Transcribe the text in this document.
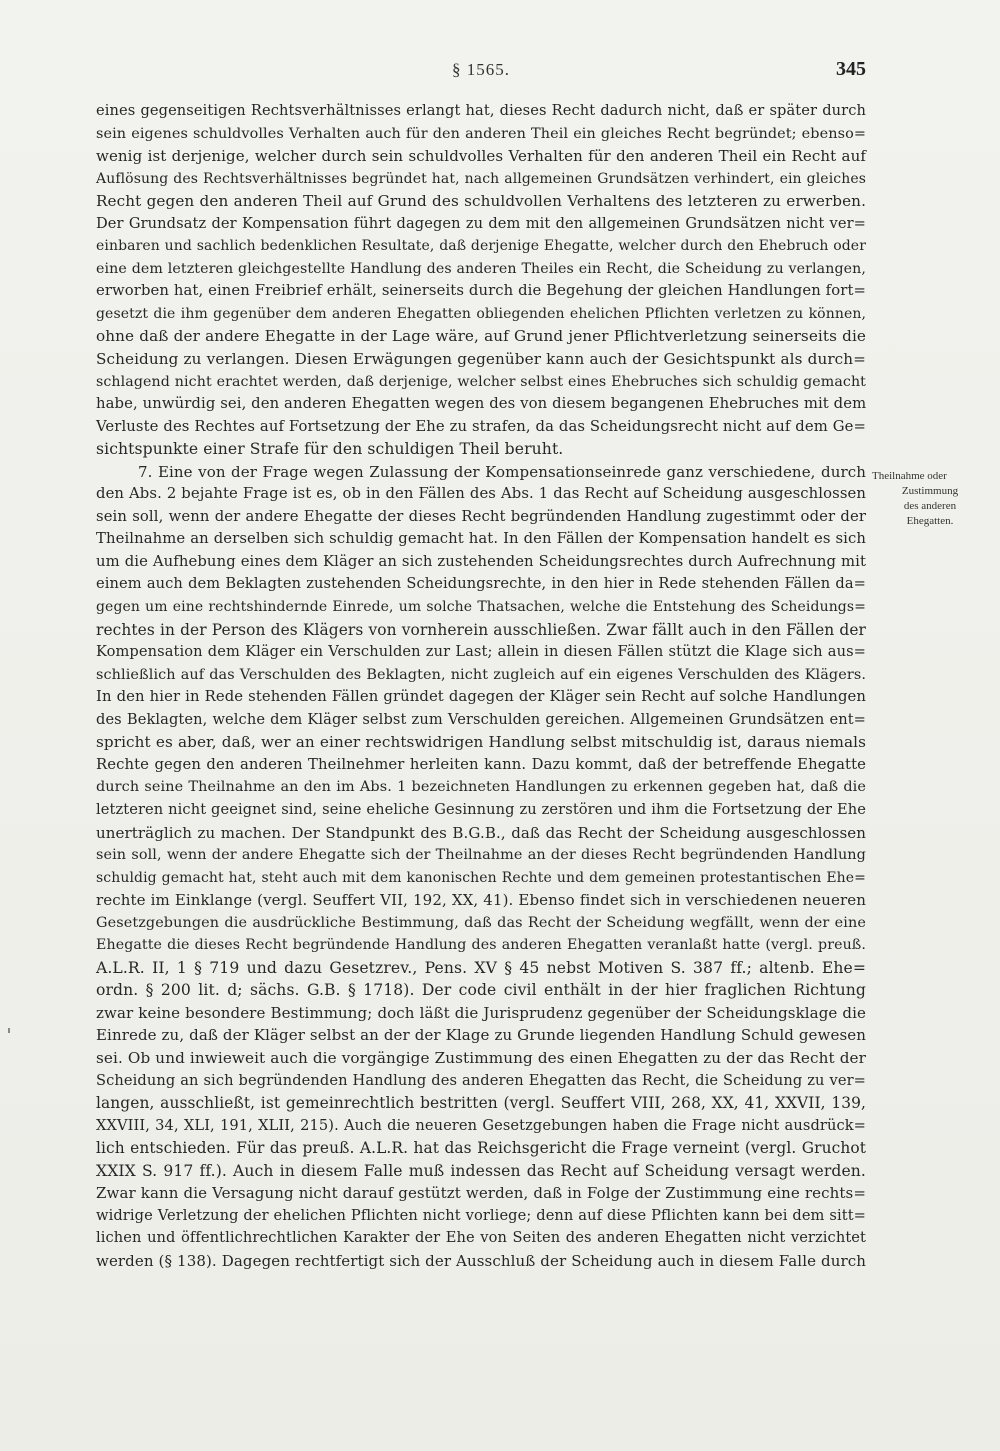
§ 1565.	345
eines gegenseitigen Rechtsverhältnisses erlangt hat, dieses Recht dadurch nicht, daß er später durch
sein eigenes schuldvolles Verhalten auch für den anderen Theil ein gleiches Recht begründet; ebenso=
wenig ist derjenige, welcher durch sein schuldvolles Verhalten für den anderen Theil ein Recht auf
Auflösung des Rechtsverhältnisses begründet hat, nach allgemeinen Grundsätzen verhindert, ein gleiches
Recht gegen den anderen Theil auf Grund des schuldvollen Verhaltens des letzteren zu erwerben.
Der Grundsatz der Kompensation führt dagegen zu dem mit den allgemeinen Grundsätzen nicht ver=
einbaren und sachlich bedenklichen Resultate, daß derjenige Ehegatte, welcher durch den Ehebruch oder
eine dem letzteren gleichgestellte Handlung des anderen Theiles ein Recht, die Scheidung zu verlangen,
erworben hat, einen Freibrief erhält, seinerseits durch die Begehung der gleichen Handlungen fort=
gesetzt die ihm gegenüber dem anderen Ehegatten obliegenden ehelichen Pflichten verletzen zu können,
ohne daß der andere Ehegatte in der Lage wäre, auf Grund jener Pflichtverletzung seinerseits die
Scheidung zu verlangen. Diesen Erwägungen gegenüber kann auch der Gesichtspunkt als durch=
schlagend nicht erachtet werden, daß derjenige, welcher selbst eines Ehebruches sich schuldig gemacht
habe, unwürdig sei, den anderen Ehegatten wegen des von diesem begangenen Ehebruches mit dem
Verluste des Rechtes auf Fortsetzung der Ehe zu strafen, da das Scheidungsrecht nicht auf dem Ge=
sichtspunkte einer Strafe für den schuldigen Theil beruht.
7. Eine von der Frage wegen Zulassung der Kompensationseinrede ganz verschiedene, durch
den Abs. 2 bejahte Frage ist es, ob in den Fällen des Abs. 1 das Recht auf Scheidung ausgeschlossen
sein soll, wenn der andere Ehegatte der dieses Recht begründenden Handlung zugestimmt oder der
Theilnahme an derselben sich schuldig gemacht hat. In den Fällen der Kompensation handelt es sich
um die Aufhebung eines dem Kläger an sich zustehenden Scheidungsrechtes durch Aufrechnung mit
einem auch dem Beklagten zustehenden Scheidungsrechte, in den hier in Rede stehenden Fällen da=
gegen um eine rechtshindernde Einrede, um solche Thatsachen, welche die Entstehung des Scheidungs=
rechtes in der Person des Klägers von vornherein ausschließen. Zwar fällt auch in den Fällen der
Kompensation dem Kläger ein Verschulden zur Last; allein in diesen Fällen stützt die Klage sich aus=
schließlich auf das Verschulden des Beklagten, nicht zugleich auf ein eigenes Verschulden des Klägers.
In den hier in Rede stehenden Fällen gründet dagegen der Kläger sein Recht auf solche Handlungen
des Beklagten, welche dem Kläger selbst zum Verschulden gereichen. Allgemeinen Grundsätzen ent=
spricht es aber, daß, wer an einer rechtswidrigen Handlung selbst mitschuldig ist, daraus niemals
Rechte gegen den anderen Theilnehmer herleiten kann. Dazu kommt, daß der betreffende Ehegatte
durch seine Theilnahme an den im Abs. 1 bezeichneten Handlungen zu erkennen gegeben hat, daß die
letzteren nicht geeignet sind, seine eheliche Gesinnung zu zerstören und ihm die Fortsetzung der Ehe
unerträglich zu machen. Der Standpunkt des B.G.B., daß das Recht der Scheidung ausgeschlossen
sein soll, wenn der andere Ehegatte sich der Theilnahme an der dieses Recht begründenden Handlung
schuldig gemacht hat, steht auch mit dem kanonischen Rechte und dem gemeinen protestantischen Ehe=
rechte im Einklange (vergl. Seuffert VII, 192, XX, 41). Ebenso findet sich in verschiedenen neueren
Gesetzgebungen die ausdrückliche Bestimmung, daß das Recht der Scheidung wegfällt, wenn der eine
Ehegatte die dieses Recht begründende Handlung des anderen Ehegatten veranlaßt hatte (vergl. preuß.
A.L.R. II, 1 § 719 und dazu Gesetzrev., Pens. XV § 45 nebst Motiven S. 387 ff.; altenb. Ehe=
ordn. § 200 lit. d; sächs. G.B. § 1718). Der code civil enthält in der hier fraglichen Richtung
zwar keine besondere Bestimmung; doch läßt die Jurisprudenz gegenüber der Scheidungsklage die
Einrede zu, daß der Kläger selbst an der der Klage zu Grunde liegenden Handlung Schuld gewesen
sei. Ob und inwieweit auch die vorgängige Zustimmung des einen Ehegatten zu der das Recht der
Scheidung an sich begründenden Handlung des anderen Ehegatten das Recht, die Scheidung zu ver=
langen, ausschließt, ist gemeinrechtlich bestritten (vergl. Seuffert VIII, 268, XX, 41, XXVII, 139,
XXVIII, 34, XLI, 191, XLII, 215). Auch die neueren Gesetzgebungen haben die Frage nicht ausdrück=
lich entschieden. Für das preuß. A.L.R. hat das Reichsgericht die Frage verneint (vergl. Gruchot
XXIX S. 917 ff.). Auch in diesem Falle muß indessen das Recht auf Scheidung versagt werden.
Zwar kann die Versagung nicht darauf gestützt werden, daß in Folge der Zustimmung eine rechts=
widrige Verletzung der ehelichen Pflichten nicht vorliege; denn auf diese Pflichten kann bei dem sitt=
lichen und öffentlichrechtlichen Karakter der Ehe von Seiten des anderen Ehegatten nicht verzichtet
werden (§ 138). Dagegen rechtfertigt sich der Ausschluß der Scheidung auch in diesem Falle durch
Theilnahme oder
Zustimmung
des anderen
Ehegatten.
